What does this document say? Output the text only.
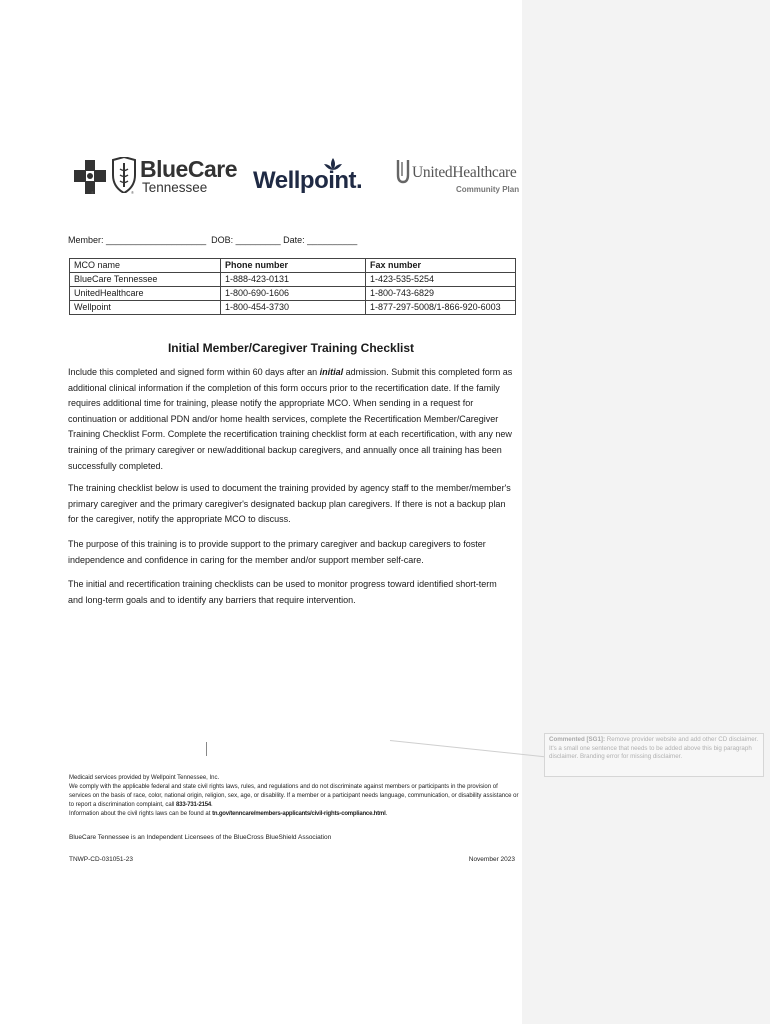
®	®
BlueCare
Tennessee Wellpoint.	UnitedHealthcare
Community Plan
Member: ____________________  DOB: _________ Date: __________
MCO name	Phone number	Fax number
BlueCare Tennessee	1-888-423-0131	1-423-535-5254
UnitedHealthcare	1-800-690-1606	1-800-743-6829
Wellpoint	1-800-454-3730	1-877-297-5008/1-866-920-6003
Initial Member/Caregiver Training Checklist
Include this completed and signed form within 60 days after an initial admission. Submit this completed form as additional clinical information if the completion of this form occurs prior to the recertification date. If the family requires additional time for training, please notify the appropriate MCO. When sending in a request for continuation or additional PDN and/or home health services, complete the Recertification Member/Caregiver Training Checklist Form. Complete the recertification training checklist form at each recertification, with any new training of the primary caregiver or new/additional backup caregivers, and annually once all training has been successfully completed.
The training checklist below is used to document the training provided by agency staff to the member/member's primary caregiver and the primary caregiver's designated backup plan caregivers. If there is not a backup plan for the caregiver, notify the appropriate MCO to discuss.
The purpose of this training is to provide support to the primary caregiver and backup caregivers to foster independence and confidence in caring for the member and/or support member self-care.
The initial and recertification training checklists can be used to monitor progress toward identified short-term and long-term goals and to identify any barriers that require intervention.
Medicaid services provided by Wellpoint Tennessee, Inc.
We comply with the applicable federal and state civil rights laws, rules, and regulations and do not discriminate against members or participants in the provision of services on the basis of race, color, national origin, religion, sex, age, or disability. If a member or a participant needs language, communication, or disability assistance or to report a discrimination complaint, call 833-731-2154.
Information about the civil rights laws can be found at tn.gov/tenncare/members-applicants/civil-rights-compliance.html.
BlueCare Tennessee is an Independent Licensees of the BlueCross BlueShield Association
TNWP-CD-031051-23	November 2023
Commented [SG1]: Remove provider website and add other CD disclaimer. It's a small one sentence that needs to be added above this big paragraph disclaimer. Branding error for missing disclaimer.
